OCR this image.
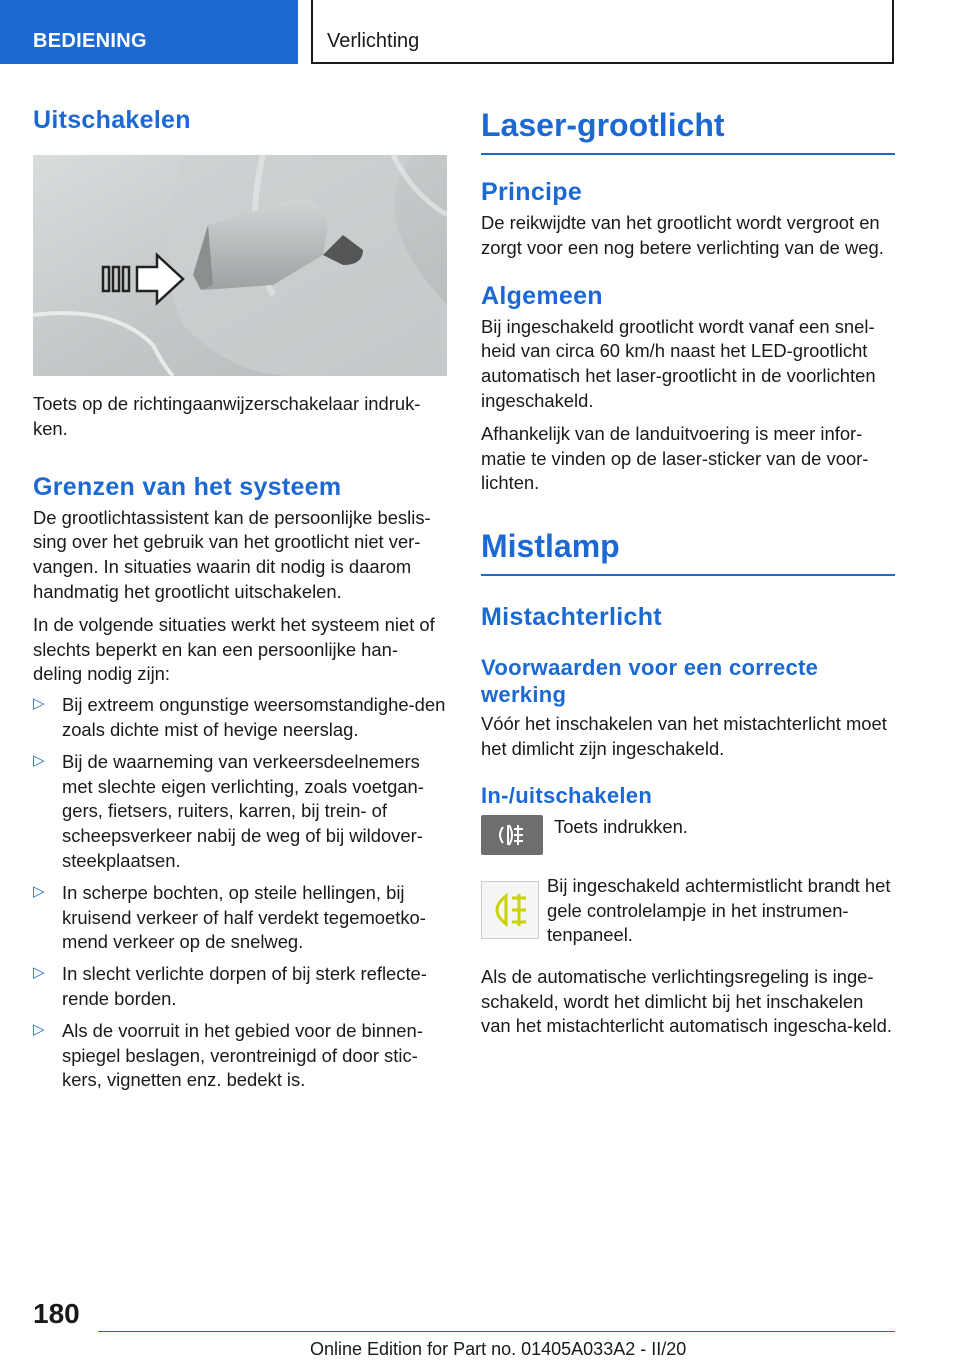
BEDIENING	Verlichting
Uitschakelen

Toets op de richtingaanwijzerschakelaar indruk-
ken.

Grenzen van het systeem

De grootlichtassistent kan de persoonlijke beslis-sing over het gebruik van het grootlicht niet ver-vangen. In situaties waarin dit nodig is daarom handmatig het grootlicht uitschakelen.

In de volgende situaties werkt het systeem niet of slechts beperkt en kan een persoonlijke han-deling nodig zijn:

▷ Bij extreem ongunstige weersomstandighe-den zoals dichte mist of hevige neerslag.
▷ Bij de waarneming van verkeersdeelnemers met slechte eigen verlichting, zoals voetgan-gers, fietsers, ruiters, karren, bij trein- of scheepsverkeer nabij de weg of bij wildover-steekplaatsen.
▷ In scherpe bochten, op steile hellingen, bij kruisend verkeer of half verdekt tegemoetko-mend verkeer op de snelweg.
▷ In slecht verlichte dorpen of bij sterk reflecte-rende borden.
▷ Als de voorruit in het gebied voor de binnen-spiegel beslagen, verontreinigd of door stic-kers, vignetten enz. bedekt is.
Laser-grootlicht
Principe

De reikwijdte van het grootlicht wordt vergroot en zorgt voor een nog betere verlichting van de weg.

Algemeen

Bij ingeschakeld grootlicht wordt vanaf een snel-heid van circa 60 km/h naast het LED-grootlicht automatisch het laser-grootlicht in de voorlichten ingeschakeld.

Afhankelijk van de landuitvoering is meer infor-matie te vinden op de laser-sticker van de voor-lichten.

Mistlamp
Mistachterlicht
Voorwaarden voor een correcte werking

Vóór het inschakelen van het mistachterlicht moet het dimlicht zijn ingeschakeld.

In-/uitschakelen

Toets indrukken.

Bij ingeschakeld achtermistlicht brandt het gele controlelampje in het instrumen-tenpaneel.

Als de automatische verlichtingsregeling is inge-schakeld, wordt het dimlicht bij het inschakelen van het mistachterlicht automatisch ingescha-keld.

180
Online Edition for Part no. 01405A033A2 - II/20
